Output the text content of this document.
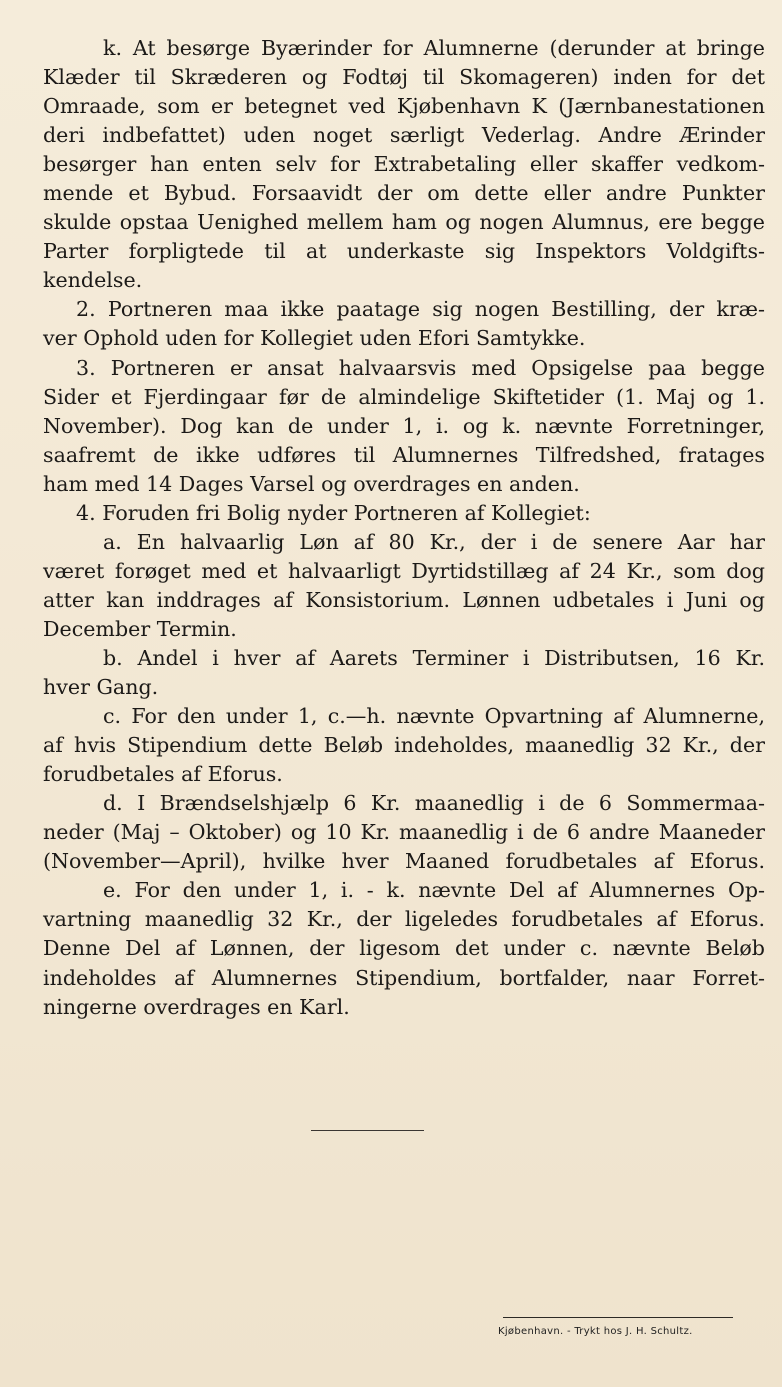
k. At besørge Byærinder for Alumnerne (derunder at bringe
Klæder til Skræderen og Fodtøj til Skomageren) inden for det
Omraade, som er betegnet ved Kjøbenhavn K (Jærnbanestationen
deri indbefattet) uden noget særligt Vederlag. Andre Ærinder
besørger han enten selv for Extrabetaling eller skaffer vedkom-
mende et Bybud. Forsaavidt der om dette eller andre Punkter
skulde opstaa Uenighed mellem ham og nogen Alumnus, ere begge
Parter forpligtede til at underkaste sig Inspektors Voldgifts-
kendelse.
2. Portneren maa ikke paatage sig nogen Bestilling, der kræ-
ver Ophold uden for Kollegiet uden Efori Samtykke.
3. Portneren er ansat halvaarsvis med Opsigelse paa begge
Sider et Fjerdingaar før de almindelige Skiftetider (1. Maj og 1.
November). Dog kan de under 1, i. og k. nævnte Forretninger,
saafremt de ikke udføres til Alumnernes Tilfredshed, fratages
ham med 14 Dages Varsel og overdrages en anden.
4. Foruden fri Bolig nyder Portneren af Kollegiet:
a. En halvaarlig Løn af 80 Kr., der i de senere Aar har
været forøget med et halvaarligt Dyrtidstillæg af 24 Kr., som dog
atter kan inddrages af Konsistorium. Lønnen udbetales i Juni og
December Termin.
b. Andel i hver af Aarets Terminer i Distributsen, 16 Kr.
hver Gang.
c. For den under 1, c.—h. nævnte Opvartning af Alumnerne,
af hvis Stipendium dette Beløb indeholdes, maanedlig 32 Kr., der
forudbetales af Eforus.
d. I Brændselshjælp 6 Kr. maanedlig i de 6 Sommermaa-
neder (Maj – Oktober) og 10 Kr. maanedlig i de 6 andre Maaneder
(November—April), hvilke hver Maaned forudbetales af Eforus.
e. For den under 1, i. - k. nævnte Del af Alumnernes Op-
vartning maanedlig 32 Kr., der ligeledes forudbetales af Eforus.
Denne Del af Lønnen, der ligesom det under c. nævnte Beløb
indeholdes af Alumnernes Stipendium, bortfalder, naar Forret-
ningerne overdrages en Karl.
Kjøbenhavn. - Trykt hos J. H. Schultz.
